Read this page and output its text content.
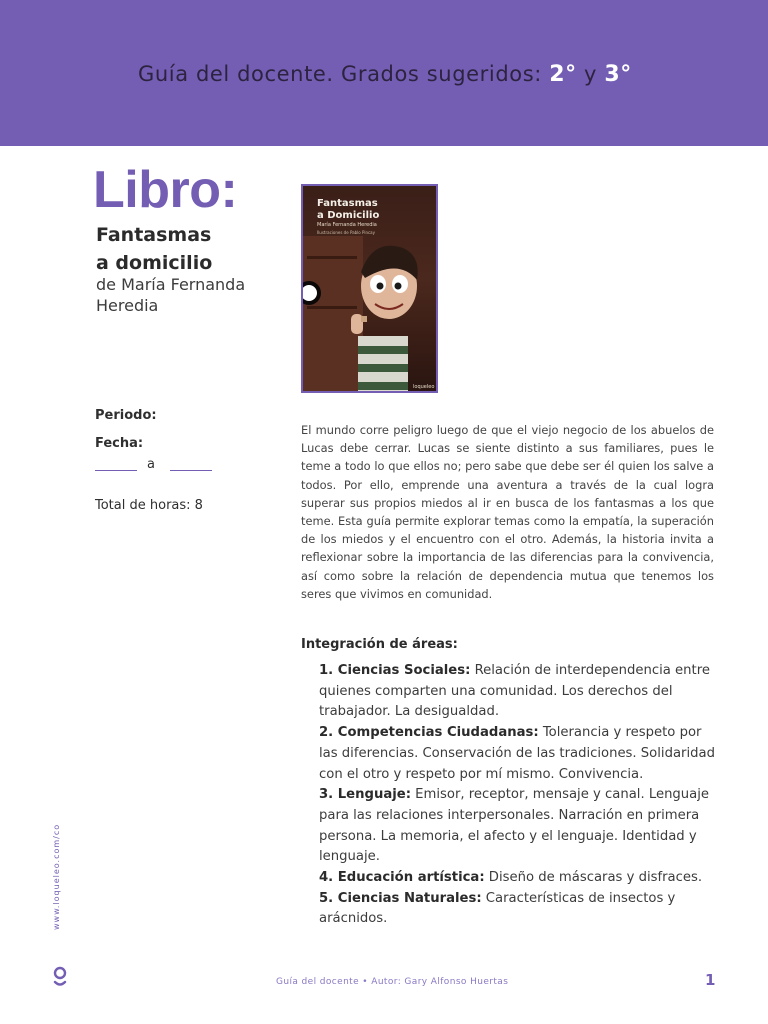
Guía del docente. Grados sugeridos: 2° y 3°
Libro:
Fantasmas
a domicilio
de María Fernanda
Heredia
Fantasmas
a Domicilio
María Fernanda Heredia
Ilustraciones de Pablo Pincay
loqueleo
Periodo:
Fecha:
a
Total de horas: 8
El mundo corre peligro luego de que el viejo negocio de los abuelos de Lucas debe cerrar. Lucas se siente distinto a sus familiares, pues le teme a todo lo que ellos no; pero sabe que debe ser él quien los salve a todos. Por ello, emprende una aventura a través de la cual logra superar sus propios miedos al ir en busca de los fantasmas a los que teme. Esta guía permite explorar temas como la empatía, la superación de los miedos y el encuentro con el otro. Además, la historia invita a reflexionar sobre la importancia de las diferencias para la convivencia, así como sobre la relación de dependencia mutua que tenemos los seres que vivimos en comunidad.
Integración de áreas:

1. Ciencias Sociales: Relación de interdependencia entre quienes comparten una comunidad. Los derechos del trabajador. La desigualdad.

2. Competencias Ciudadanas: Tolerancia y respeto por las diferencias. Conservación de las tradiciones. Solidaridad con el otro y respeto por mí mismo. Convivencia.

3. Lenguaje: Emisor, receptor, mensaje y canal. Lenguaje para las relaciones interpersonales. Narración en primera persona. La memoria, el afecto y el lenguaje. Identidad y lenguaje.

4. Educación artística: Diseño de máscaras y disfraces.

5. Ciencias Naturales: Características de insectos y arácnidos.

www.loqueleo.com/co
Guía del docente • Autor: Gary Alfonso Huertas	1
